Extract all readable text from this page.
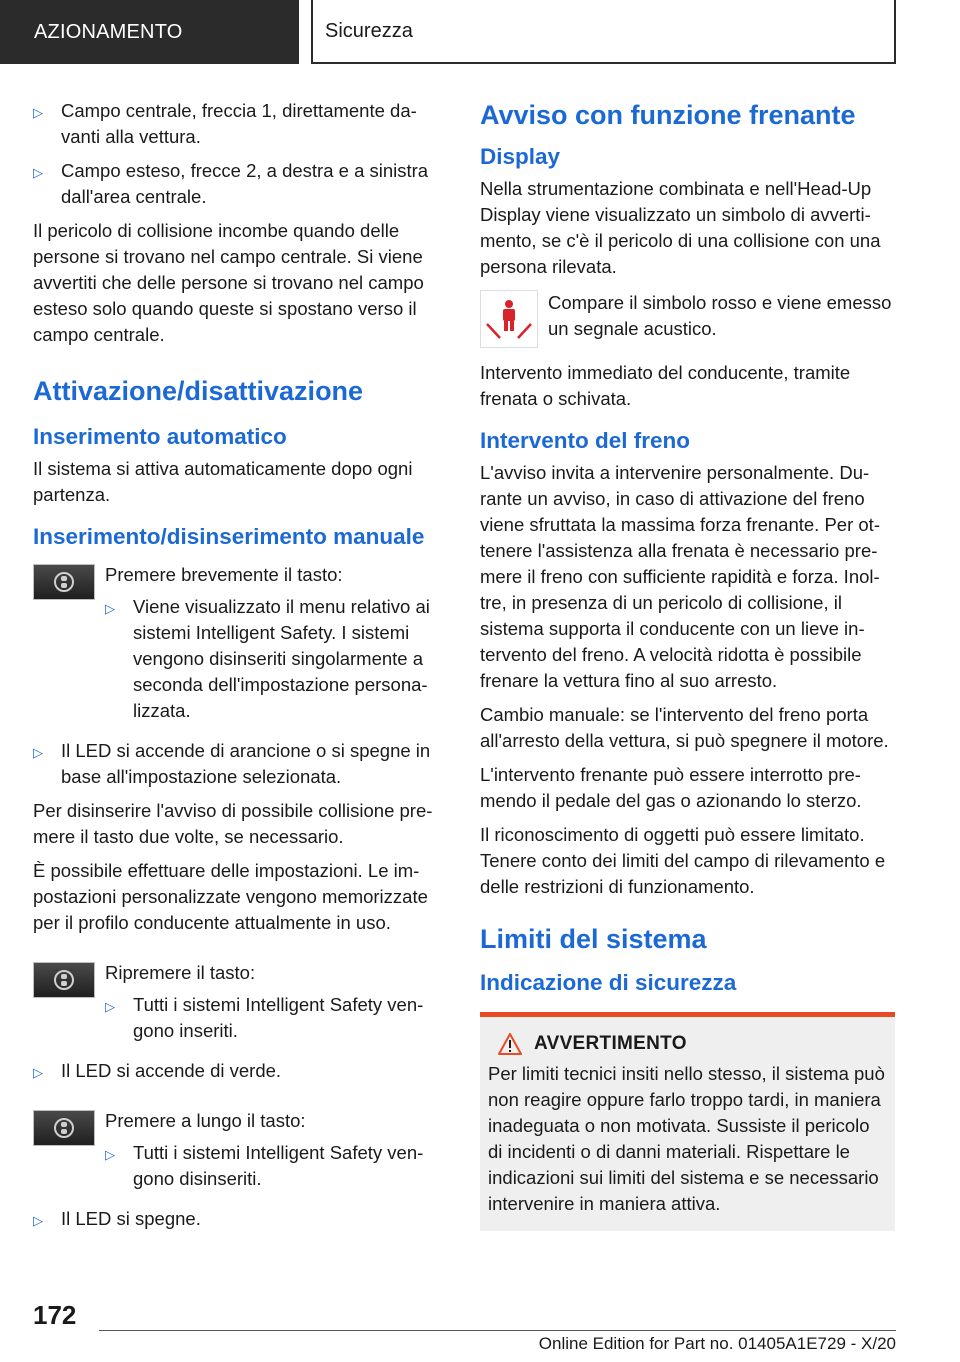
AZIONAMENTO	Sicurezza
▷ Campo centrale, freccia 1, direttamente davanti alla vettura.
▷ Campo esteso, frecce 2, a destra e a sinistra dall'area centrale.

Il pericolo di collisione incombe quando delle persone si trovano nel campo centrale. Si viene avvertiti che delle persone si trovano nel campo esteso solo quando queste si spostano verso il campo centrale.

Attivazione/disattivazione
Inserimento automatico

Il sistema si attiva automaticamente dopo ogni partenza.

Inserimento/disinserimento manuale

Premere brevemente il tasto:

▷ Viene visualizzato il menu relativo ai sistemi Intelligent Safety. I sistemi vengono disinseriti singolarmente a seconda dell'impostazione personalizzata.
▷ Il LED si accende di arancione o si spegne in base all'impostazione selezionata.

Per disinserire l'avviso di possibile collisione premere il tasto due volte, se necessario.

È possibile effettuare delle impostazioni. Le impostazioni personalizzate vengono memorizzate per il profilo conducente attualmente in uso.

Ripremere il tasto:

▷ Tutti i sistemi Intelligent Safety vengono inseriti.
▷ Il LED si accende di verde.

Premere a lungo il tasto:

▷ Tutti i sistemi Intelligent Safety vengono disinseriti.
▷ Il LED si spegne.
Avviso con funzione frenante
Display

Nella strumentazione combinata e nell'Head-Up Display viene visualizzato un simbolo di avvertimento, se c'è il pericolo di una collisione con una persona rilevata.

Compare il simbolo rosso e viene emesso un segnale acustico.

Intervento immediato del conducente, tramite frenata o schivata.

Intervento del freno

L'avviso invita a intervenire personalmente. Durante un avviso, in caso di attivazione del freno viene sfruttata la massima forza frenante. Per ottenere l'assistenza alla frenata è necessario premere il freno con sufficiente rapidità e forza. Inoltre, in presenza di un pericolo di collisione, il sistema supporta il conducente con un lieve intervento del freno. A velocità ridotta è possibile frenare la vettura fino al suo arresto.

Cambio manuale: se l'intervento del freno porta all'arresto della vettura, si può spegnere il motore.

L'intervento frenante può essere interrotto premendo il pedale del gas o azionando lo sterzo.

Il riconoscimento di oggetti può essere limitato. Tenere conto dei limiti del campo di rilevamento e delle restrizioni di funzionamento.

Limiti del sistema
Indicazione di sicurezza
AVVERTIMENTO

Per limiti tecnici insiti nello stesso, il sistema può non reagire oppure farlo troppo tardi, in maniera inadeguata o non motivata. Sussiste il pericolo di incidenti o di danni materiali. Rispettare le indicazioni sui limiti del sistema e se necessario intervenire in maniera attiva.

172
Online Edition for Part no. 01405A1E729 - X/20
